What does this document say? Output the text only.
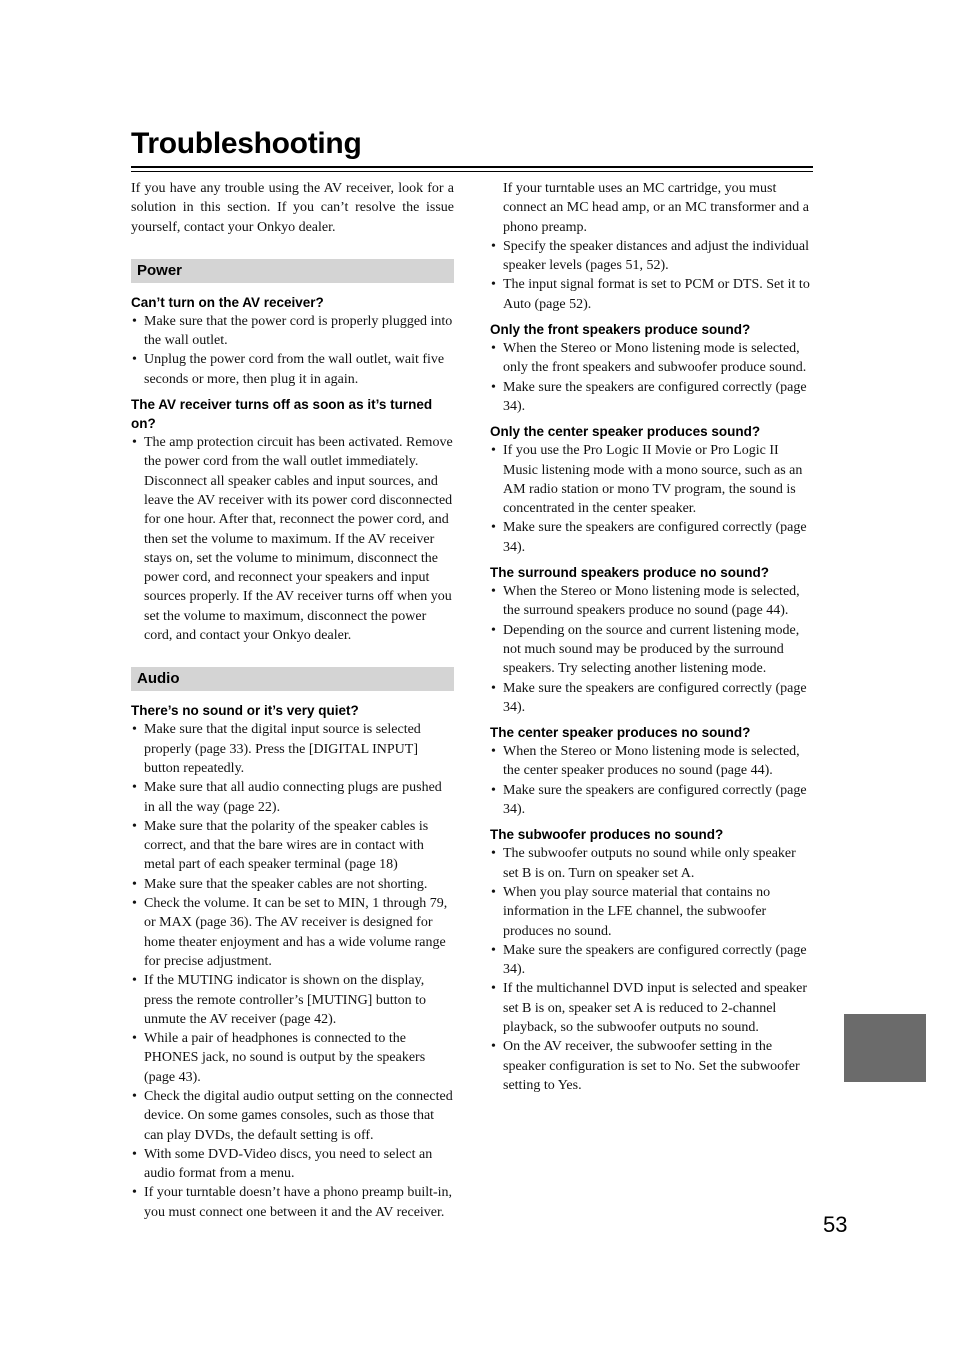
Troubleshooting

If you have any trouble using the AV receiver, look for a solution in this section. If you can’t resolve the issue yourself, contact your Onkyo dealer.

Power

Can’t turn on the AV receiver?

• Make sure that the power cord is properly plugged into the wall outlet.
• Unplug the power cord from the wall outlet, wait five seconds or more, then plug it in again.

The AV receiver turns off as soon as it’s turned on?

• The amp protection circuit has been activated. Remove the power cord from the wall outlet immediately. Disconnect all speaker cables and input sources, and leave the AV receiver with its power cord disconnected for one hour. After that, reconnect the power cord, and then set the volume to maximum. If the AV receiver stays on, set the volume to minimum, disconnect the power cord, and reconnect your speakers and input sources properly. If the AV receiver turns off when you set the volume to maximum, disconnect the power cord, and contact your Onkyo dealer.
Audio

There’s no sound or it’s very quiet?

• Make sure that the digital input source is selected properly (page 33). Press the [DIGITAL INPUT] button repeatedly.
• Make sure that all audio connecting plugs are pushed in all the way (page 22).
• Make sure that the polarity of the speaker cables is correct, and that the bare wires are in contact with metal part of each speaker terminal (page 18)
• Make sure that the speaker cables are not shorting.
• Check the volume. It can be set to MIN, 1 through 79, or MAX (page 36). The AV receiver is designed for home theater enjoyment and has a wide volume range for precise adjustment.
• If the MUTING indicator is shown on the display, press the remote controller’s [MUTING] button to unmute the AV receiver (page 42).
• While a pair of headphones is connected to the PHONES jack, no sound is output by the speakers (page 43).
• Check the digital audio output setting on the connected device. On some games consoles, such as those that can play DVDs, the default setting is off.
• With some DVD-Video discs, you need to select an audio format from a menu.
• If your turntable doesn’t have a phono preamp built-in, you must connect one between it and the AV receiver.

If your turntable uses an MC cartridge, you must connect an MC head amp, or an MC transformer and a phono preamp.

• Specify the speaker distances and adjust the individual speaker levels (pages 51, 52).
• The input signal format is set to PCM or DTS. Set it to Auto (page 52).

Only the front speakers produce sound?

• When the Stereo or Mono listening mode is selected, only the front speakers and subwoofer produce sound.
• Make sure the speakers are configured correctly (page 34).

Only the center speaker produces sound?

• If you use the Pro Logic II Movie or Pro Logic II Music listening mode with a mono source, such as an AM radio station or mono TV program, the sound is concentrated in the center speaker.
• Make sure the speakers are configured correctly (page 34).

The surround speakers produce no sound?

• When the Stereo or Mono listening mode is selected, the surround speakers produce no sound (page 44).
• Depending on the source and current listening mode, not much sound may be produced by the surround speakers. Try selecting another listening mode.
• Make sure the speakers are configured correctly (page 34).

The center speaker produces no sound?

• When the Stereo or Mono listening mode is selected, the center speaker produces no sound (page 44).
• Make sure the speakers are configured correctly (page 34).

The subwoofer produces no sound?

• The subwoofer outputs no sound while only speaker set B is on. Turn on speaker set A.
• When you play source material that contains no information in the LFE channel, the subwoofer produces no sound.
• Make sure the speakers are configured correctly (page 34).
• If the multichannel DVD input is selected and speaker set B is on, speaker set A is reduced to 2-channel playback, so the subwoofer outputs no sound.
• On the AV receiver, the subwoofer setting in the speaker configuration is set to No. Set the subwoofer setting to Yes.
53
